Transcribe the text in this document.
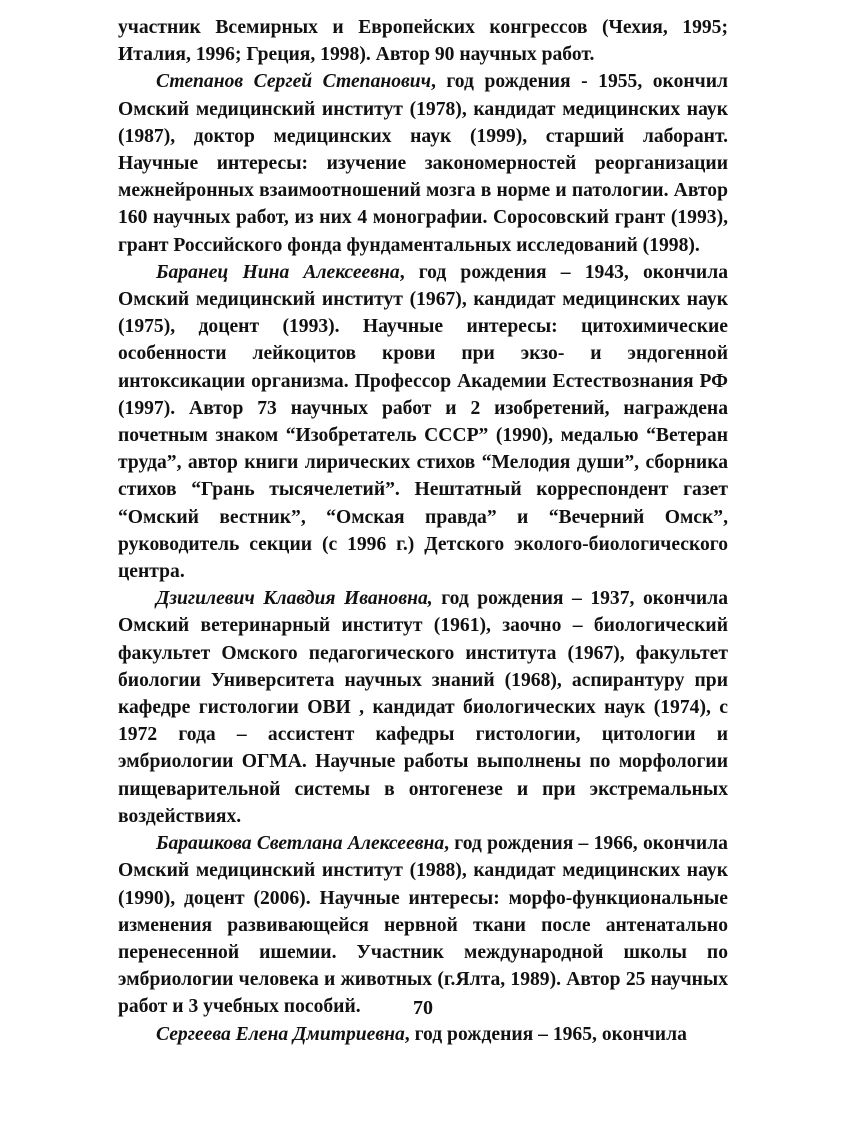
участник Всемирных и Европейских конгрессов (Чехия, 1995; Италия, 1996; Греция, 1998). Автор 90 научных работ.

Степанов Сергей Степанович, год рождения - 1955, окончил Омский медицинский институт (1978), кандидат медицинских наук (1987), доктор медицинских наук (1999), старший лаборант. Научные интересы: изучение закономерностей реорганизации межнейронных взаимоотношений мозга в норме и патологии. Автор 160 научных работ, из них 4 монографии. Соросовский грант (1993), грант Российского фонда фундаментальных исследований (1998).

Баранец Нина Алексеевна, год рождения – 1943, окончила Омский медицинский институт (1967), кандидат медицинских наук (1975), доцент (1993). Научные интересы: цитохимические особенности лейкоцитов крови при экзо- и эндогенной интоксикации организма. Профессор Академии Естествознания РФ (1997). Автор 73 научных работ и 2 изобретений, награждена почетным знаком “Изобретатель СССР” (1990), медалью “Ветеран труда”, автор книги лирических стихов “Мелодия души”, сборника стихов “Грань тысячелетий”. Нештатный корреспондент газет “Омский вестник”, “Омская правда” и “Вечерний Омск”, руководитель секции (с 1996 г.) Детского эколого-биологического центра.

Дзигилевич Клавдия Ивановна, год рождения – 1937, окончила Омский ветеринарный институт (1961), заочно – биологический факультет Омского педагогического института (1967), факультет биологии Университета научных знаний (1968), аспирантуру при кафедре гистологии ОВИ , кандидат биологических наук (1974), с 1972 года – ассистент кафедры гистологии, цитологии и эмбриологии ОГМА. Научные работы выполнены по морфологии пищеварительной системы в онтогенезе и при экстремальных воздействиях.

Барашкова Светлана Алексеевна, год рождения – 1966, окончила Омский медицинский институт (1988), кандидат медицинских наук (1990), доцент (2006). Научные интересы: морфо-функциональные изменения развивающейся нервной ткани после антенатально перенесенной ишемии. Участник международной школы по эмбриологии человека и животных (г.Ялта, 1989). Автор 25 научных работ и 3 учебных пособий.

Сергеева Елена Дмитриевна, год рождения – 1965, окончила

70
